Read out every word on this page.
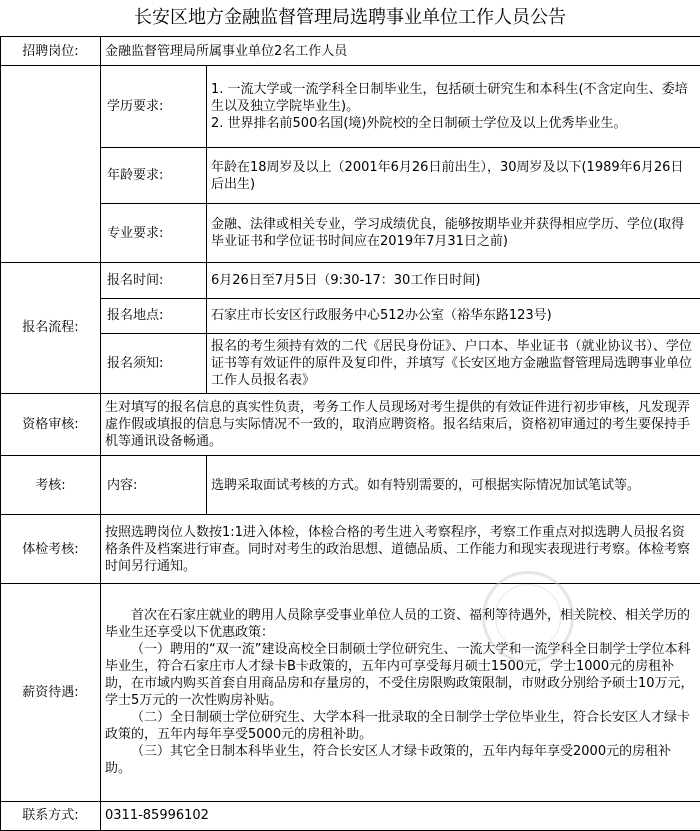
长安区地方金融监督管理局选聘事业单位工作人员公告
招聘岗位:	金融监督管理局所属事业单位2名工作人员	
	学历要求:	1. 一流大学或一流学科全日制毕业生，包括硕士研究生和本科生(不含定向生、委培生以及独立学院毕业生)。

2. 世界排名前500名国(境)外院校的全日制硕士学位及以上优秀毕业生。

	年龄要求:	年龄在18周岁及以上（2001年6月26日前出生），30周岁及以下(1989年6月26日后出生)
	专业要求:	金融、法律或相关专业，学习成绩优良，能够按期毕业并获得相应学历、学位(取得毕业证书和学位证书时间应在2019年7月31日之前)
报名流程:	报名时间:	6月26日至7月5日（9:30-17：30工作日时间)
	报名地点:	石家庄市长安区行政服务中心512办公室（裕华东路123号)
	报名须知:	报名的考生须持有效的二代《居民身份证》、户口本、毕业证书（就业协议书）、学位证书等有效证件的原件及复印件，并填写《长安区地方金融监督管理局选聘事业单位工作人员报名表》
资格审核:	生对填写的报名信息的真实性负责，考务工作人员现场对考生提供的有效证件进行初步审核，凡发现弄虚作假或填报的信息与实际情况不一致的，取消应聘资格。报名结束后，资格初审通过的考生要保持手机等通讯设备畅通。	
考核:	内容:	选聘采取面试考核的方式。如有特别需要的，可根据实际情况加试笔试等。
体检考核:	按照选聘岗位人数按1:1进入体检，体检合格的考生进入考察程序，考察工作重点对拟选聘人员报名资格条件及档案进行审查。同时对考生的政治思想、道德品质、工作能力和现实表现进行考察。体检考察时间另行通知。	
薪资待遇:	首次在石家庄就业的聘用人员除享受事业单位人员的工资、福利等待遇外，相关院校、相关学历的毕业生还享受以下优惠政策：

（一）聘用的“双一流”建设高校全日制硕士学位研究生、一流大学和一流学科全日制学士学位本科毕业生，符合石家庄市人才绿卡B卡政策的，五年内可享受每月硕士1500元，学士1000元的房租补助，在市域内购买首套自用商品房和存量房的，不受住房限购政策限制，市财政分别给予硕士10万元，学士5万元的一次性购房补贴。

（二）全日制硕士学位研究生、大学本科一批录取的全日制学士学位毕业生，符合长安区人才绿卡政策的，五年内每年享受5000元的房租补助。

（三）其它全日制本科毕业生，符合长安区人才绿卡政策的，五年内每年享受2000元的房租补助。	

联系方式:	0311-85996102	
